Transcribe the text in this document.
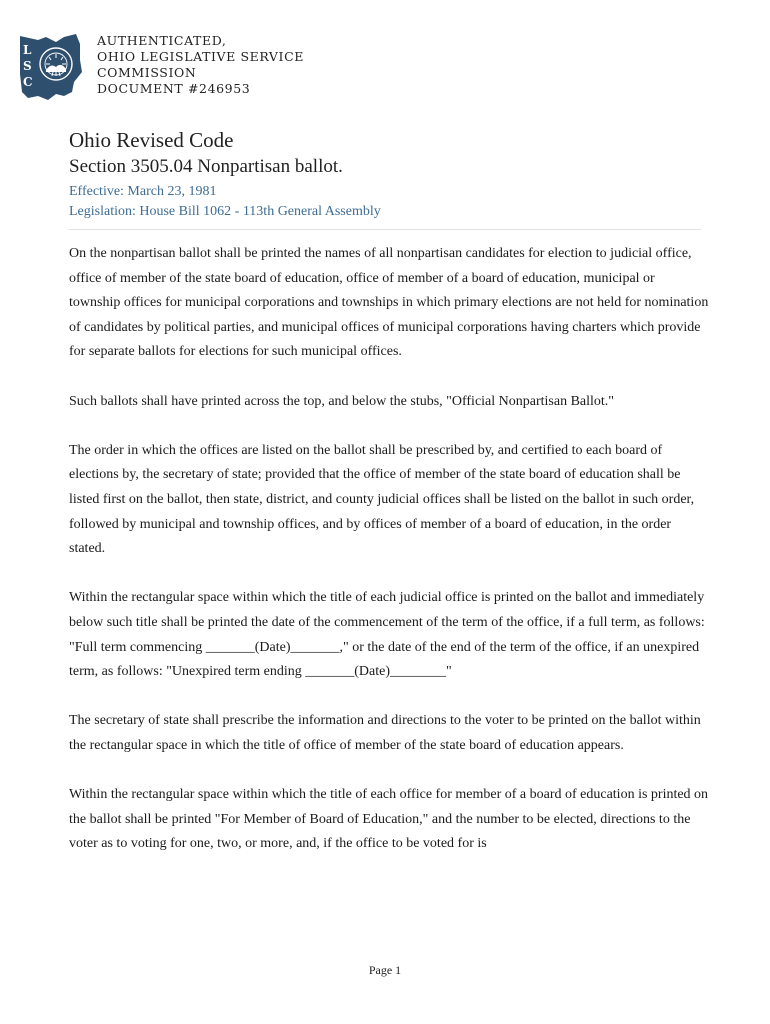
L
S
C
AUTHENTICATED,
OHIO LEGISLATIVE SERVICE
COMMISSION
DOCUMENT #246953
Ohio Revised Code
Section 3505.04 Nonpartisan ballot.
Effective: March 23, 1981
Legislation: House Bill 1062 - 113th General Assembly

On the nonpartisan ballot shall be printed the names of all nonpartisan candidates for election to judicial office, office of member of the state board of education, office of member of a board of education, municipal or township offices for municipal corporations and townships in which primary elections are not held for nomination of candidates by political parties, and municipal offices of municipal corporations having charters which provide for separate ballots for elections for such municipal offices.

Such ballots shall have printed across the top, and below the stubs, "Official Nonpartisan Ballot."

The order in which the offices are listed on the ballot shall be prescribed by, and certified to each board of elections by, the secretary of state; provided that the office of member of the state board of education shall be listed first on the ballot, then state, district, and county judicial offices shall be listed on the ballot in such order, followed by municipal and township offices, and by offices of member of a board of education, in the order stated.

Within the rectangular space within which the title of each judicial office is printed on the ballot and immediately below such title shall be printed the date of the commencement of the term of the office, if a full term, as follows: "Full term commencing _______(Date)_______," or the date of the end of the term of the office, if an unexpired term, as follows: "Unexpired term ending _______(Date)________"

The secretary of state shall prescribe the information and directions to the voter to be printed on the ballot within the rectangular space in which the title of office of member of the state board of education appears.

Within the rectangular space within which the title of each office for member of a board of education is printed on the ballot shall be printed "For Member of Board of Education," and the number to be elected, directions to the voter as to voting for one, two, or more, and, if the office to be voted for is

Page 1
